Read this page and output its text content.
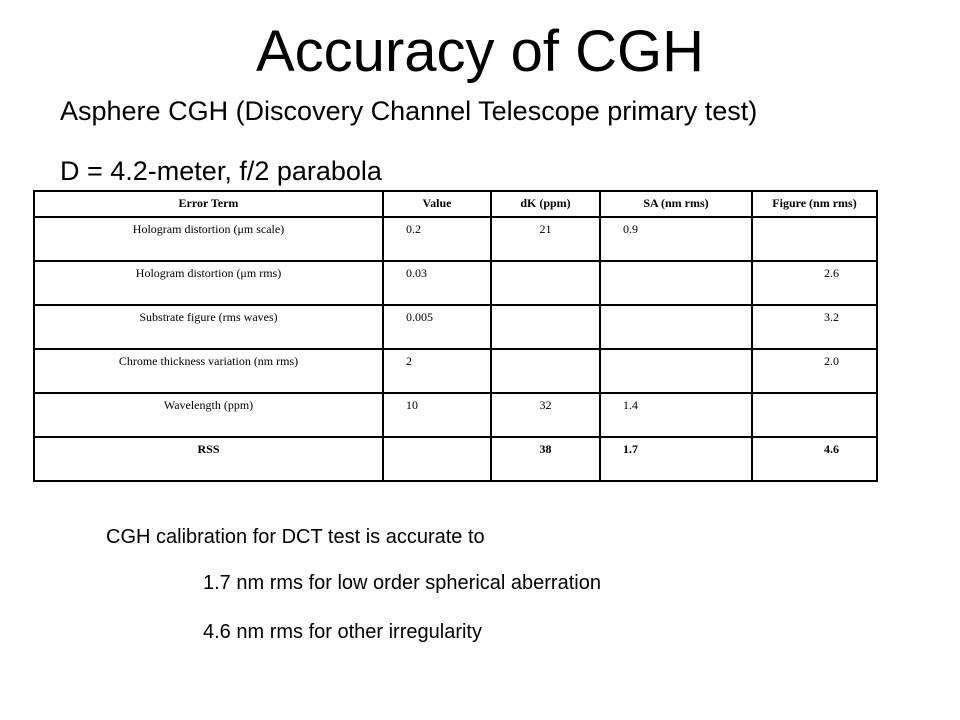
Accuracy of CGH
Asphere CGH (Discovery Channel Telescope primary test)
D = 4.2-meter, f/2 parabola
Error Term	Value	dK (ppm)	SA (nm rms)	Figure (nm rms)
Hologram distortion (μm scale)	0.2	21	0.9	
Hologram distortion (μm rms)	0.03			2.6
Substrate figure (rms waves)	0.005			3.2
Chrome thickness variation (nm rms)	2			2.0
Wavelength (ppm)	10	32	1.4	
RSS		38	1.7	4.6
CGH calibration for DCT test is accurate to
1.7 nm rms for low order spherical aberration
4.6 nm rms for other irregularity
